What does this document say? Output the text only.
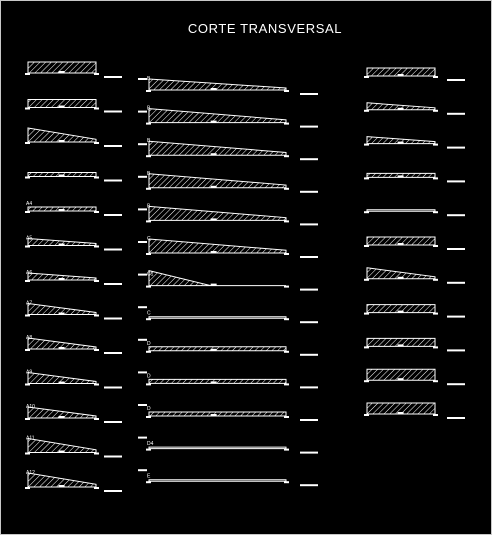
CORTE TRANSVERSAL
A4
A5
A6
A7
A8
A9
A10
A11
A12
B
B
B
B
B
C
C1
C
D
D
D
D4
E
